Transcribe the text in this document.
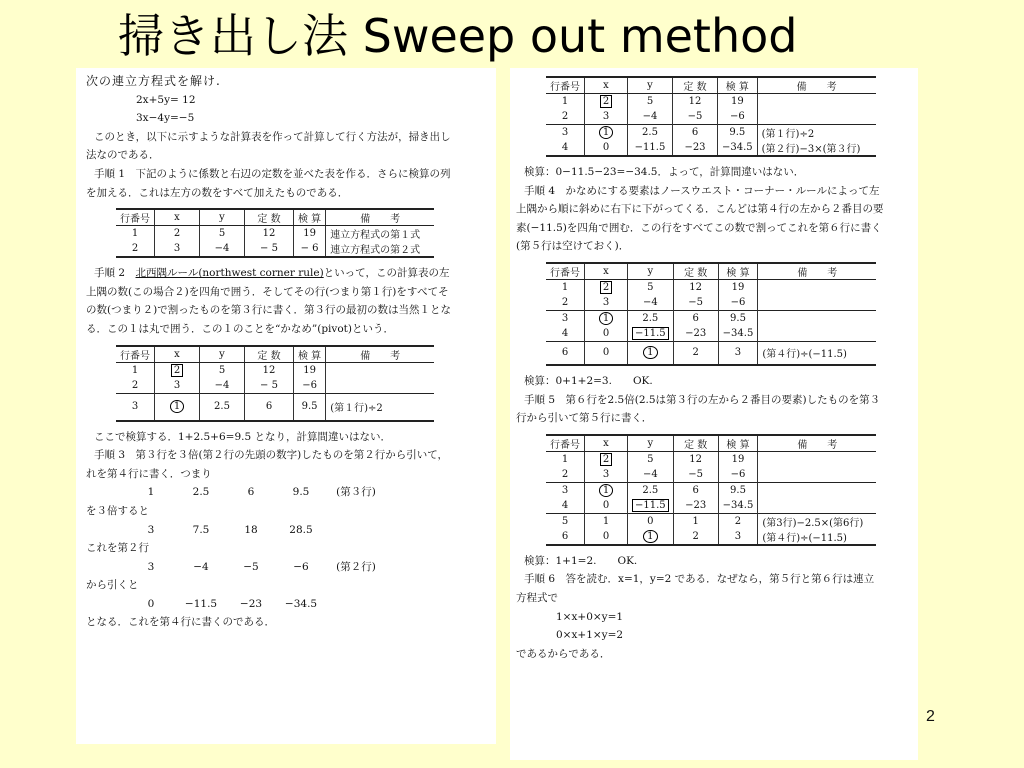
掃き出し法 Sweep out method
次の連立方程式を解け.
2x+5y= 12
3x−4y=−5
このとき，以下に示すような計算表を作って計算して行く方法が，掃き出し
法なのである．
手順 1　下記のように係数と右辺の定数を並べた表を作る．さらに検算の列
を加える．これは左方の数をすべて加えたものである．
行番号	x	y	定 数	検 算	備　　考
1	2	5	12	19	連立方程式の第１式
2	3	−4	− 5	− 6	連立方程式の第２式
手順 2　北西隅ルール(northwest corner rule)といって，この計算表の左
上隅の数(この場合２)を四角で囲う．そしてその行(つまり第１行)をすべてそ
の数(つまり２)で割ったものを第３行に書く．第３行の最初の数は当然１とな
る．この１は丸で囲う．この１のことを“かなめ”(pivot)という．
行番号	x	y	定 数	検 算	備　　考
1	2	5	12	19	
2	3	−4	− 5	−6	
3	1	2.5	6	9.5	(第１行)÷2
ここで検算する．1+2.5+6=9.5 となり，計算間違いはない．
手順 3　第３行を３倍(第２行の先頭の数字)したものを第２行から引いて，
れを第４行に書く．つまり
1	2.5	6	9.5	(第３行)
を３倍すると
3	7.5	18	28.5
これを第２行
3	−4	−5	−6	(第２行)
から引くと
0	−11.5 −23 −34.5
となる．これを第４行に書くのである．
行番号	x	y	定 数	検 算	備　　考
1	2	5	12	19	
2	3	−4	−5	−6	
3	1	2.5	6	9.5	(第１行)÷2
4	0	−11.5	−23	−34.5	(第２行)−3×(第３行)
検算：0−11.5−23=−34.5．よって，計算間違いはない．
手順 4　かなめにする要素はノースウエスト・コーナー・ルールによって左
上隅から順に斜めに右下に下がってくる．こんどは第４行の左から２番目の要
素(−11.5)を四角で囲む．この行をすべてこの数で割ってこれを第６行に書く
(第５行は空けておく)．
行番号	x	y	定 数	検 算	備　　考
1	2	5	12	19	
2	3	−4	−5	−6	
3	1	2.5	6	9.5	
4	0	−11.5	−23	−34.5	
6	0	1	2	3	(第４行)÷(−11.5)
検算：0+1+2=3.　　OK.
手順 5　第６行を2.5倍(2.5は第３行の左から２番目の要素)したものを第３
行から引いて第５行に書く．
行番号	x	y	定 数	検 算	備　　考
1	2	5	12	19	
2	3	−4	−5	−6	
3	1	2.5	6	9.5	
4	0	−11.5	−23	−34.5	
5	1	0	1	2	(第3行)−2.5×(第6行)
6	0	1	2	3	(第４行)÷(−11.5)
検算：1+1=2.　　OK.
手順 6　答を読む．x=1，y=2 である．なぜなら，第５行と第６行は連立
方程式で
1×x+0×y=1
0×x+1×y=2
であるからである．
2
